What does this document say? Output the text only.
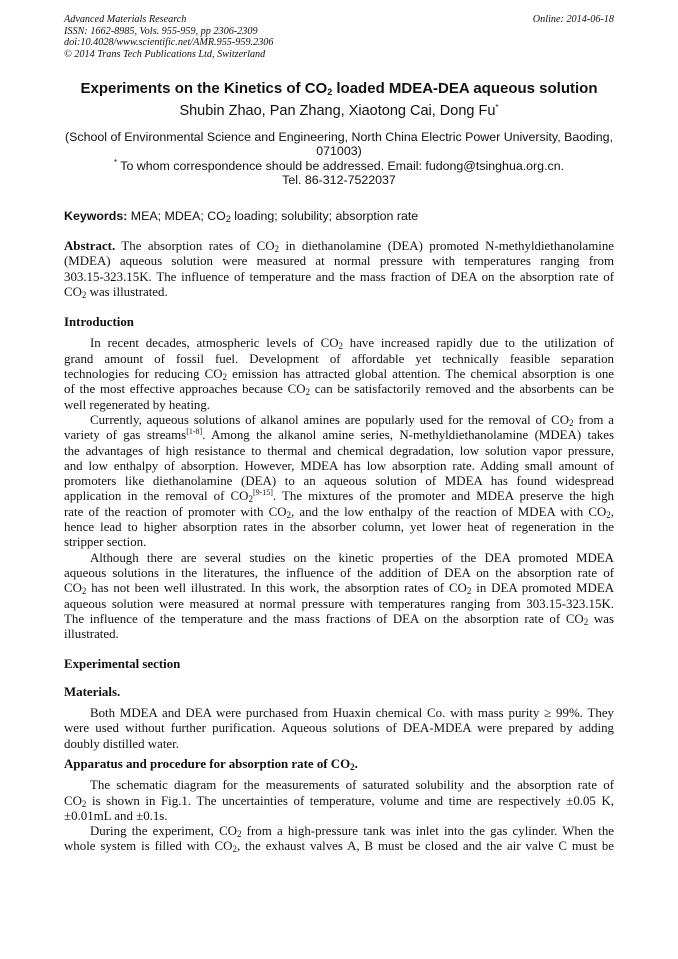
Advanced Materials Research
ISSN: 1662-8985, Vols. 955-959, pp 2306-2309
doi:10.4028/www.scientific.net/AMR.955-959.2306
© 2014 Trans Tech Publications Ltd, Switzerland
Online: 2014-06-18
Experiments on the Kinetics of $CO_2$ loaded MDEA-DEA aqueous solution
Shubin Zhao, Pan Zhang, Xiaotong Cai, Dong Fu*
(School of Environmental Science and Engineering, North China Electric Power University, Baoding,
071003)
* To whom correspondence should be addressed. Email: fudong@tsinghua.org.cn.
Tel. 86-312-7522037
Keywords: MEA; MDEA; $CO_2$ loading; solubility; absorption rate

Abstract. The absorption rates of $CO_2$ in diethanolamine (DEA) promoted N-methyldiethanolamine
(MDEA) aqueous solution were measured at normal pressure with temperatures ranging from
303.15-323.15K. The influence of temperature and the mass fraction of DEA on the absorption rate of
$CO_2$ was illustrated.

Introduction

In recent decades, atmospheric levels of $CO_2$ have increased rapidly due to the utilization of
grand amount of fossil fuel. Development of affordable yet technically feasible separation
technologies for reducing $CO_2$ emission has attracted global attention. The chemical absorption is one
of the most effective approaches because $CO_2$ can be satisfactorily removed and the absorbents can be
well regenerated by heating.

Currently, aqueous solutions of alkanol amines are popularly used for the removal of $CO_2$ from a
variety of gas streams[1-8]. Among the alkanol amine series, N-methyldiethanolamine (MDEA) takes
the advantages of high resistance to thermal and chemical degradation, low solution vapor pressure,
and low enthalpy of absorption. However, MDEA has low absorption rate. Adding small amount of
promoters like diethanolamine (DEA) to an aqueous solution of MDEA has found widespread
application in the removal of $CO_2[9-15]$. The mixtures of the promoter and MDEA preserve the high
rate of the reaction of promoter with $CO_2$, and the low enthalpy of the reaction of MDEA with $CO_2$,
hence lead to higher absorption rates in the absorber column, yet lower heat of regeneration in the
stripper section.

Although there are several studies on the kinetic properties of the DEA promoted MDEA
aqueous solutions in the literatures, the influence of the addition of DEA on the absorption rate of
$CO_2$ has not been well illustrated. In this work, the absorption rates of $CO_2$ in DEA promoted MDEA
aqueous solution were measured at normal pressure with temperatures ranging from 303.15-323.15K.
The influence of the temperature and the mass fractions of DEA on the absorption rate of $CO_2$ was
illustrated.

Experimental section

Materials.

Both MDEA and DEA were purchased from Huaxin chemical Co. with mass purity ≥ 99%. They
were used without further purification. Aqueous solutions of DEA-MDEA were prepared by adding
doubly distilled water.

Apparatus and procedure for absorption rate of $CO_2$.

The schematic diagram for the measurements of saturated solubility and the absorption rate of
$CO_2$ is shown in Fig.1. The uncertainties of temperature, volume and time are respectively ±0.05 K,
±0.01mL and ±0.1s.

During the experiment, $CO_2$ from a high-pressure tank was inlet into the gas cylinder. When the
whole system is filled with $CO_2$, the exhaust valves A, B must be closed and the air valve C must be
